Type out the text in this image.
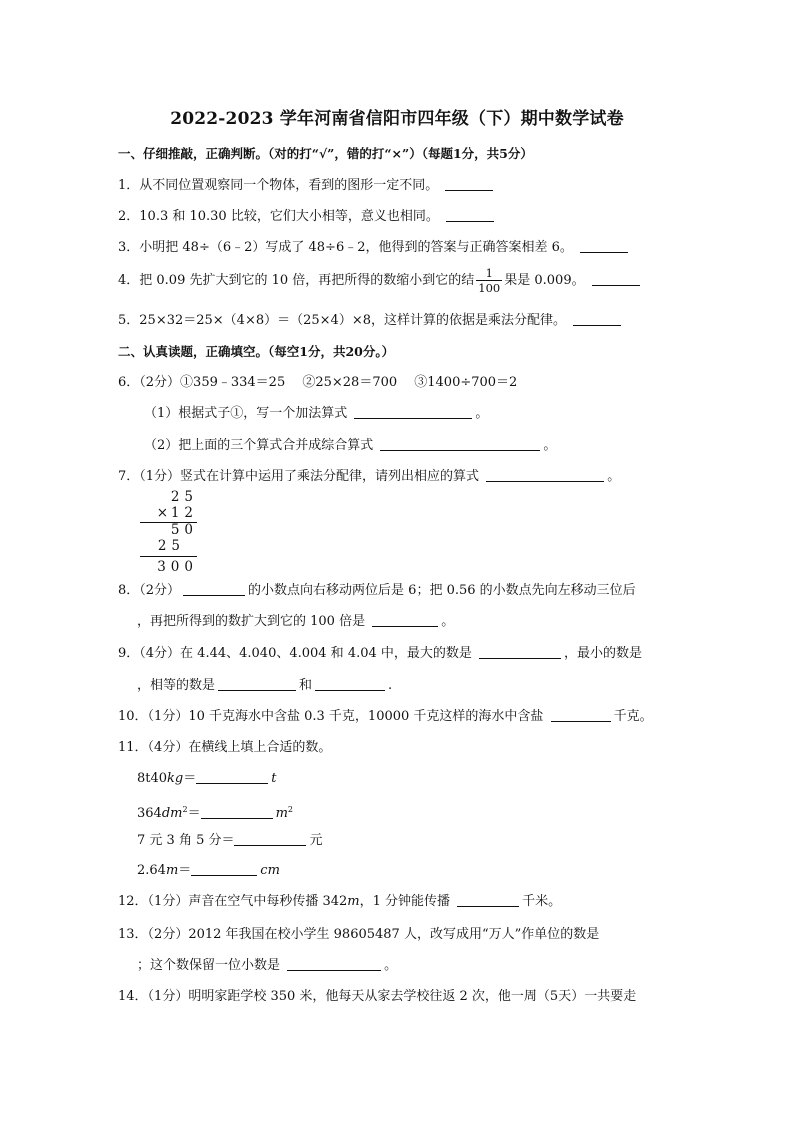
2022-2023 学年河南省信阳市四年级（下）期中数学试卷
一、仔细推敲，正确判断。（对的打“√”，错的打“×”）（每题1分，共5分）
1．从不同位置观察同一个物体，看到的图形一定不同。
2．10.3 和 10.30 比较，它们大小相等，意义也相同。
3．小明把 48÷（6﹣2）写成了 48÷6﹣2，他得到的答案与正确答案相差 6。
4．把 0.09 先扩大到它的 10 倍，再把所得的数缩小到它的结 $\frac{1}{100}$ 果是 0.009。
5．25×32＝25×（4×8）＝（25×4）×8，这样计算的依据是乘法分配律。
二、认真读题，正确填空。（每空1分，共20分。）
6．（2分）①359﹣334＝25　 ②25×28＝700　 ③1400÷700＝2
（1）根据式子①，写一个加法算式	。
（2）把上面的三个算式合并成综合算式	。
7．（1分）竖式在计算中运用了乘法分配律，请列出相应的算式	。
25
× 12
50
25
300
8．（2分）	的小数点向右移动两位后是 6；把 0.56 的小数点先向左移动三位后
，再把所得到的数扩大到它的 100 倍是	。
9．（4分）在 4.44、4.040、4.004 和 4.04 中，最大的数是	，最小的数是
，相等的数是	和	.
10．（1分）10 千克海水中含盐 0.3 千克，10000 千克这样的海水中含盐	千克。
11．（4分）在横线上填上合适的数。
8t40kg＝	t
$364dm^2=$	$m^2$
7 元 3 角 5 分＝	元
2.64m＝	cm
12．（1分）声音在空气中每秒传播 342m，1 分钟能传播	千米。
13．（2分）2012 年我国在校小学生 98605487 人，改写成用“万人”作单位的数是
；这个数保留一位小数是	。
14．（1分）明明家距学校 350 米，他每天从家去学校往返 2 次，他一周（5天）一共要走
